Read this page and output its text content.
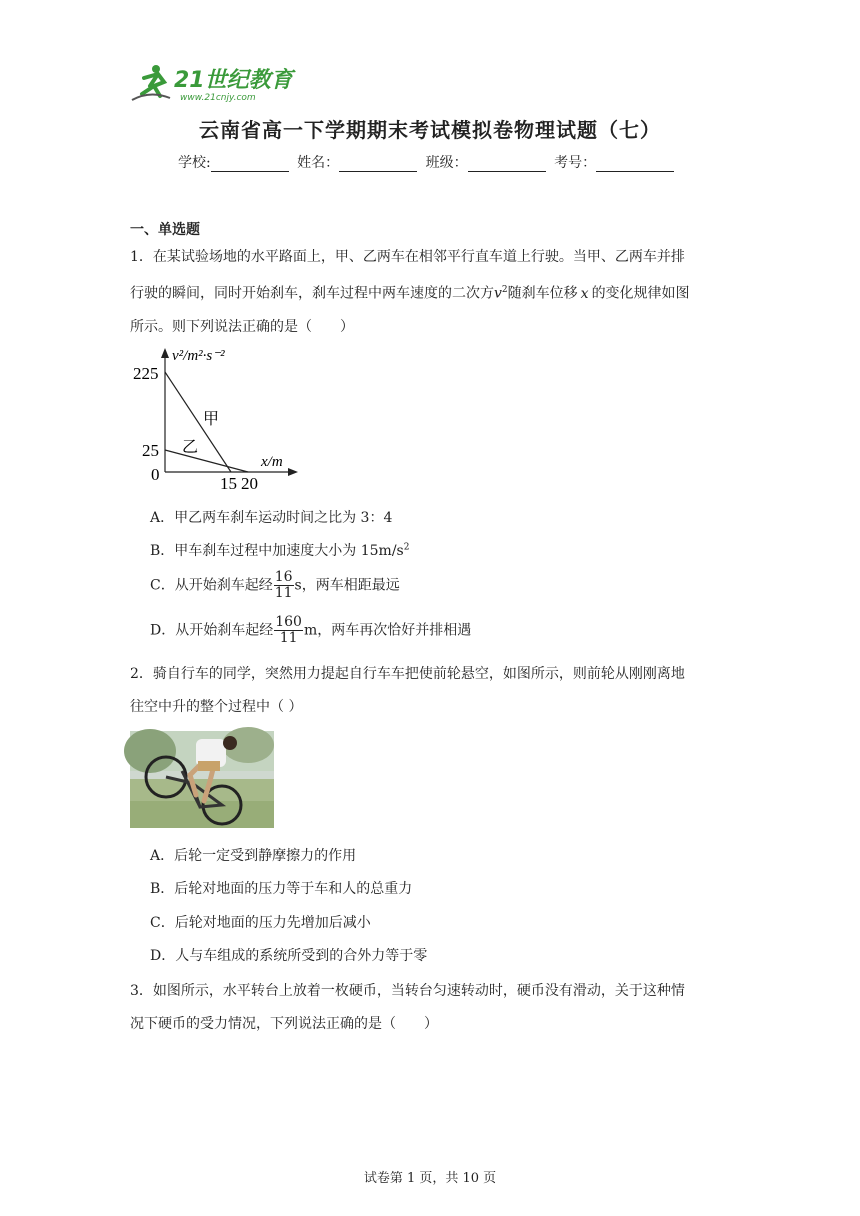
21世纪教育
www.21cnjy.com
云南省高一下学期期末考试模拟卷物理试题（七）
学校:	姓名：	班级：	考号：
一、单选题
1．在某试验场地的水平路面上，甲、乙两车在相邻平行直车道上行驶。当甲、乙两车并排
行驶的瞬间，同时开始刹车，刹车过程中两车速度的二次方$v^2$随刹车位移 x 的变化规律如图
所示。则下列说法正确的是（　　）
v²/m²·s⁻²
x/m
225
25
0	15 20
甲
乙
A．甲乙两车刹车运动时间之比为 3：4
B．甲车刹车过程中加速度大小为 $15m/s^2$
C．从开始刹车起经 $\frac{16}{11}$ s，两车相距最远
D．从开始刹车起经 $\frac{160}{11}$ m，两车再次恰好并排相遇
2．骑自行车的同学，突然用力提起自行车车把使前轮悬空，如图所示，则前轮从刚刚离地
往空中升的整个过程中（ ）
A．后轮一定受到静摩擦力的作用
B．后轮对地面的压力等于车和人的总重力
C．后轮对地面的压力先增加后减小
D．人与车组成的系统所受到的合外力等于零
3．如图所示，水平转台上放着一枚硬币，当转台匀速转动时，硬币没有滑动，关于这种情
况下硬币的受力情况，下列说法正确的是（　　）
试卷第 1 页，共 10 页
